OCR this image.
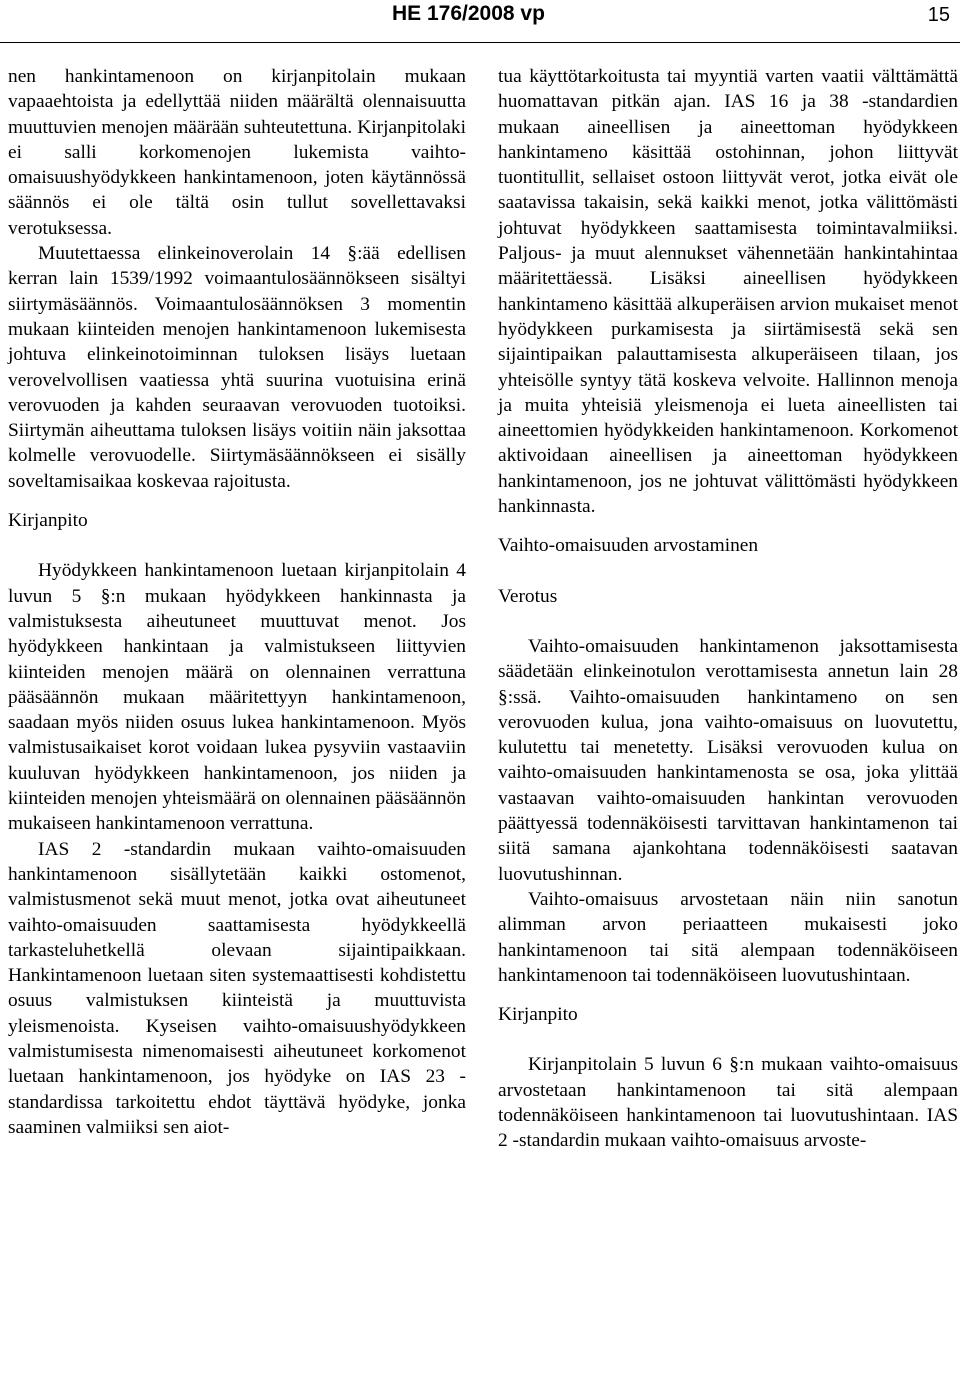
HE 176/2008 vp	15

nen hankintamenoon on kirjanpitolain mukaan vapaaehtoista ja edellyttää niiden määrältä olennaisuutta muuttuvien menojen määrään suhteutettuna. Kirjanpitolaki ei salli korkomenojen lukemista vaihto-omaisuushyödykkeen hankintamenoon, joten käytännössä säännös ei ole tältä osin tullut sovellettavaksi verotuksessa.

Muutettaessa elinkeinoverolain 14 §:ää edellisen kerran lain 1539/1992 voimaantulosäännökseen sisältyi siirtymäsäännös. Voimaantulosäännöksen 3 momentin mukaan kiinteiden menojen hankintamenoon lukemisesta johtuva elinkeinotoiminnan tuloksen lisäys luetaan verovelvollisen vaatiessa yhtä suurina vuotuisina erinä verovuoden ja kahden seuraavan verovuoden tuotoiksi. Siirtymän aiheuttama tuloksen lisäys voitiin näin jaksottaa kolmelle verovuodelle. Siirtymäsäännökseen ei sisälly soveltamisaikaa koskevaa rajoitusta.

Kirjanpito

Hyödykkeen hankintamenoon luetaan kirjanpitolain 4 luvun 5 §:n mukaan hyödykkeen hankinnasta ja valmistuksesta aiheutuneet muuttuvat menot. Jos hyödykkeen hankintaan ja valmistukseen liittyvien kiinteiden menojen määrä on olennainen verrattuna pääsäännön mukaan määritettyyn hankintamenoon, saadaan myös niiden osuus lukea hankintamenoon. Myös valmistusaikaiset korot voidaan lukea pysyviin vastaaviin kuuluvan hyödykkeen hankintamenoon, jos niiden ja kiinteiden menojen yhteismäärä on olennainen pääsäännön mukaiseen hankintamenoon verrattuna.

IAS 2 -standardin mukaan vaihto-omaisuuden hankintamenoon sisällytetään kaikki ostomenot, valmistusmenot sekä muut menot, jotka ovat aiheutuneet vaihto-omaisuuden saattamisesta hyödykkeellä tarkasteluhetkellä olevaan sijaintipaikkaan. Hankintamenoon luetaan siten systemaattisesti kohdistettu osuus valmistuksen kiinteistä ja muuttuvista yleismenoista. Kyseisen vaihto-omaisuushyödykkeen valmistumisesta nimenomaisesti aiheutuneet korkomenot luetaan hankintamenoon, jos hyödyke on IAS 23 -standardissa tarkoitettu ehdot täyttävä hyödyke, jonka saaminen valmiiksi sen aiot-

tua käyttötarkoitusta tai myyntiä varten vaatii välttämättä huomattavan pitkän ajan. IAS 16 ja 38 -standardien mukaan aineellisen ja aineettoman hyödykkeen hankintameno käsittää ostohinnan, johon liittyvät tuontitullit, sellaiset ostoon liittyvät verot, jotka eivät ole saatavissa takaisin, sekä kaikki menot, jotka välittömästi johtuvat hyödykkeen saattamisesta toimintavalmiiksi. Paljous- ja muut alennukset vähennetään hankintahintaa määritettäessä. Lisäksi aineellisen hyödykkeen hankintameno käsittää alkuperäisen arvion mukaiset menot hyödykkeen purkamisesta ja siirtämisestä sekä sen sijaintipaikan palauttamisesta alkuperäiseen tilaan, jos yhteisölle syntyy tätä koskeva velvoite. Hallinnon menoja ja muita yhteisiä yleismenoja ei lueta aineellisten tai aineettomien hyödykkeiden hankintamenoon. Korkomenot aktivoidaan aineellisen ja aineettoman hyödykkeen hankintamenoon, jos ne johtuvat välittömästi hyödykkeen hankinnasta.

Vaihto-omaisuuden arvostaminen

Verotus

Vaihto-omaisuuden hankintamenon jaksottamisesta säädetään elinkeinotulon verottamisesta annetun lain 28 §:ssä. Vaihto-omaisuuden hankintameno on sen verovuoden kulua, jona vaihto-omaisuus on luovutettu, kulutettu tai menetetty. Lisäksi verovuoden kulua on vaihto-omaisuuden hankintamenosta se osa, joka ylittää vastaavan vaihto-omaisuuden hankintan verovuoden päättyessä todennäköisesti tarvittavan hankintamenon tai siitä samana ajankohtana todennäköisesti saatavan luovutushinnan.

Vaihto-omaisuus arvostetaan näin niin sanotun alimman arvon periaatteen mukaisesti joko hankintamenoon tai sitä alempaan todennäköiseen hankintamenoon tai todennäköiseen luovutushintaan.

Kirjanpito

Kirjanpitolain 5 luvun 6 §:n mukaan vaihto-omaisuus arvostetaan hankintamenoon tai sitä alempaan todennäköiseen hankintamenoon tai luovutushintaan. IAS 2 -standardin mukaan vaihto-omaisuus arvoste-
